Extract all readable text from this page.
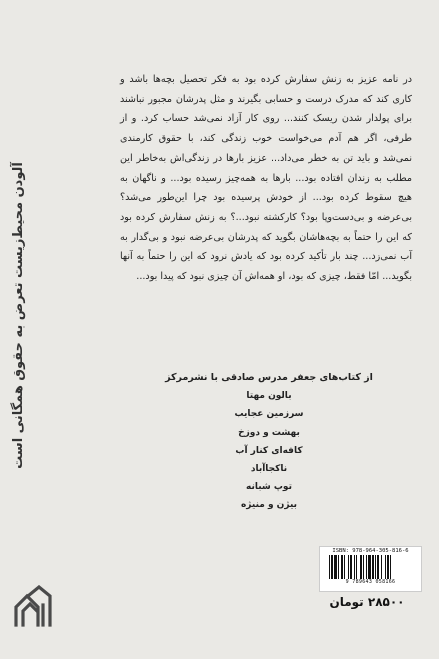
آلودن محیط‌زیست تعرض به حقوق همگانی است

در نامه عزیز به زنش سفارش کرده بود به فکر تحصیل بچه‌ها باشد و کاری کند که مدرک درست و حسابی بگیرند و مثل پدرشان مجبور نباشند برای پولدار شدن ریسک کنند... روی کار آزاد نمی‌شد حساب کرد. و از طرفی، اگر هم آدم می‌خواست خوب زندگی کند، با حقوق کارمندی نمی‌شد و باید تن به خطر می‌داد... عزیز بارها در زندگی‌اش به‌خاطر این مطلب به زندان افتاده بود... بارها به همه‌چیز رسیده بود... و ناگهان به هیچ سقوط کرده بود... از خودش پرسیده بود چرا این‌طور می‌شد؟ بی‌عرضه و بی‌دست‌وپا بود؟ کارکشته نبود...؟ به زنش سفارش کرده بود که این را حتماً به بچه‌هاشان بگوید که پدرشان بی‌عرضه نبود و بی‌گدار به آب نمی‌زد... چند بار تأکید کرده بود که یادش نرود که این را حتماً به آنها بگوید... امّا فقط، چیزی که بود، او همه‌اش آن چیزی نبود که پیدا بود...

از کتاب‌های جعفر مدرس صادقی با نشرمرکز
بالون مهتا
سرزمین عجایب
بهشت و دوزخ
کافه‌ای کنار آب
ناکجاآباد
توپ شبانه
بیژن و منیژه
ISBN: 978-964-305-816-6
9 789643 058166
۲۸۵۰۰ تومان
